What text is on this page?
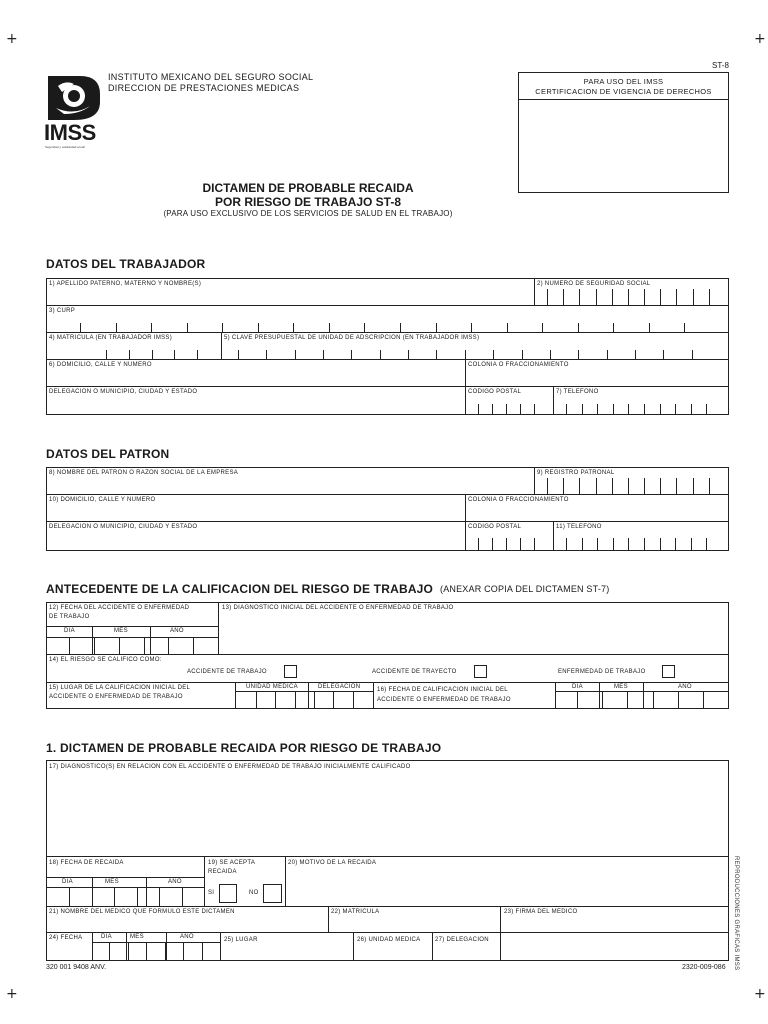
+	+
+	+
ST-8
IMSS
Seguridad y solidaridad social
INSTITUTO MEXICANO DEL SEGURO SOCIAL
DIRECCION DE PRESTACIONES MEDICAS
PARA USO DEL IMSS
CERTIFICACION DE VIGENCIA DE DERECHOS
DICTAMEN DE PROBABLE RECAIDA
POR RIESGO DE TRABAJO ST-8
(PARA USO EXCLUSIVO DE LOS SERVICIOS DE SALUD EN EL TRABAJO)
DATOS DEL TRABAJADOR
1) APELLIDO PATERNO, MATERNO Y NOMBRE(S)	2) NUMERO DE SEGURIDAD SOCIAL
3) CURP
4) MATRICULA (EN TRABAJADOR IMSS)	5) CLAVE PRESUPUESTAL DE UNIDAD DE ADSCRIPCION (EN TRABAJADOR IMSS)
6) DOMICILIO, CALLE Y NUMERO	COLONIA O FRACCIONAMIENTO
DELEGACION O MUNICIPIO, CIUDAD Y ESTADO	CODIGO POSTAL	7) TELEFONO
DATOS DEL PATRON
8) NOMBRE DEL PATRON O RAZON SOCIAL DE LA EMPRESA	9) REGISTRO PATRONAL
10) DOMICILIO, CALLE Y NUMERO	COLONIA O FRACCIONAMIENTO
DELEGACION O MUNICIPIO, CIUDAD Y ESTADO	CODIGO POSTAL	11) TELEFONO
ANTECEDENTE DE LA CALIFICACION DEL RIESGO DE TRABAJO (ANEXAR COPIA DEL DICTAMEN ST-7)
12) FECHA DEL ACCIDENTE O ENFERMEDAD
DE TRABAJO
DIA	MES	AÑO
13) DIAGNOSTICO INICIAL DEL ACCIDENTE O ENFERMEDAD DE TRABAJO
14) EL RIESGO SE CALIFICO COMO:
ACCIDENTE DE TRABAJO	ACCIDENTE DE TRAYECTO	ENFERMEDAD DE TRABAJO
15) LUGAR DE LA CALIFICACION INICIAL DEL
ACCIDENTE O ENFERMEDAD DE TRABAJO
UNIDAD MEDICA	DELEGACION	16) FECHA DE CALIFICACION INICIAL DEL
ACCIDENTE O ENFERMEDAD DE TRABAJO
DIA	MES	AÑO
1. DICTAMEN DE PROBABLE RECAIDA POR RIESGO DE TRABAJO
17) DIAGNOSTICO(S) EN RELACION CON EL ACCIDENTE O ENFERMEDAD DE TRABAJO INICIALMENTE CALIFICADO
18) FECHA DE RECAIDA
DIA	MES	AÑO
19) SE ACEPTA
RECAIDA
SI	NO
20) MOTIVO DE LA RECAIDA
21) NOMBRE DEL MEDICO QUE FORMULO ESTE DICTAMEN	22) MATRICULA	23) FIRMA DEL MEDICO
24) FECHA	DIA	MES	AÑO	25) LUGAR	26) UNIDAD MEDICA 27) DELEGACION	REPRODUCCIONES GRAFICAS IMSS
320 001 9408 ANV.	2320-009-086
